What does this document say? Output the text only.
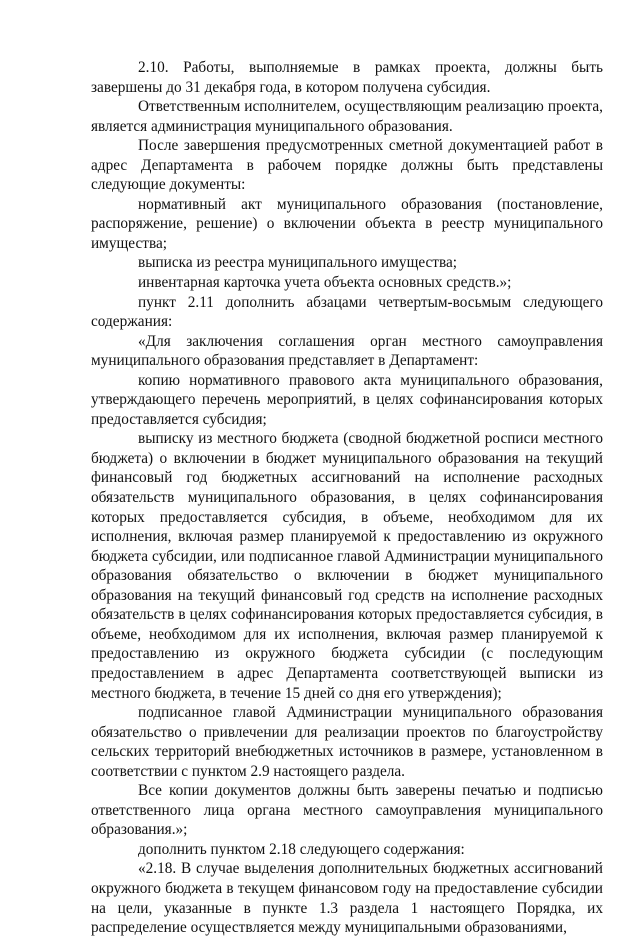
2.10. Работы, выполняемые в рамках проекта, должны быть завершены до 31 декабря года, в котором получена субсидия.

Ответственным исполнителем, осуществляющим реализацию проекта, является администрация муниципального образования.

После завершения предусмотренных сметной документацией работ в адрес Департамента в рабочем порядке должны быть представлены следующие документы:

нормативный акт муниципального образования (постановление, распоряжение, решение) о включении объекта в реестр муниципального имущества;

выписка из реестра муниципального имущества;

инвентарная карточка учета объекта основных средств.»;

пункт 2.11 дополнить абзацами четвертым-восьмым следующего содержания:

«Для заключения соглашения орган местного самоуправления муниципального образования представляет в Департамент:

копию нормативного правового акта муниципального образования, утверждающего перечень мероприятий, в целях софинансирования которых предоставляется субсидия;

выписку из местного бюджета (сводной бюджетной росписи местного бюджета) о включении в бюджет муниципального образования на текущий финансовый год бюджетных ассигнований на исполнение расходных обязательств муниципального образования, в целях софинансирования которых предоставляется субсидия, в объеме, необходимом для их исполнения, включая размер планируемой к предоставлению из окружного бюджета субсидии, или подписанное главой Администрации муниципального образования обязательство о включении в бюджет муниципального образования на текущий финансовый год средств на исполнение расходных обязательств в целях софинансирования которых предоставляется субсидия, в объеме, необходимом для их исполнения, включая размер планируемой к предоставлению из окружного бюджета субсидии (с последующим предоставлением в адрес Департамента соответствующей выписки из местного бюджета, в течение 15 дней со дня его утверждения);

подписанное главой Администрации муниципального образования обязательство о привлечении для реализации проектов по благоустройству сельских территорий внебюджетных источников в размере, установленном в соответствии с пунктом 2.9 настоящего раздела.

Все копии документов должны быть заверены печатью и подписью ответственного лица органа местного самоуправления муниципального образования.»;

дополнить пунктом 2.18 следующего содержания:

«2.18. В случае выделения дополнительных бюджетных ассигнований окружного бюджета в текущем финансовом году на предоставление субсидии на цели, указанные в пункте 1.3 раздела 1 настоящего Порядка, их распределение осуществляется между муниципальными образованиями,
